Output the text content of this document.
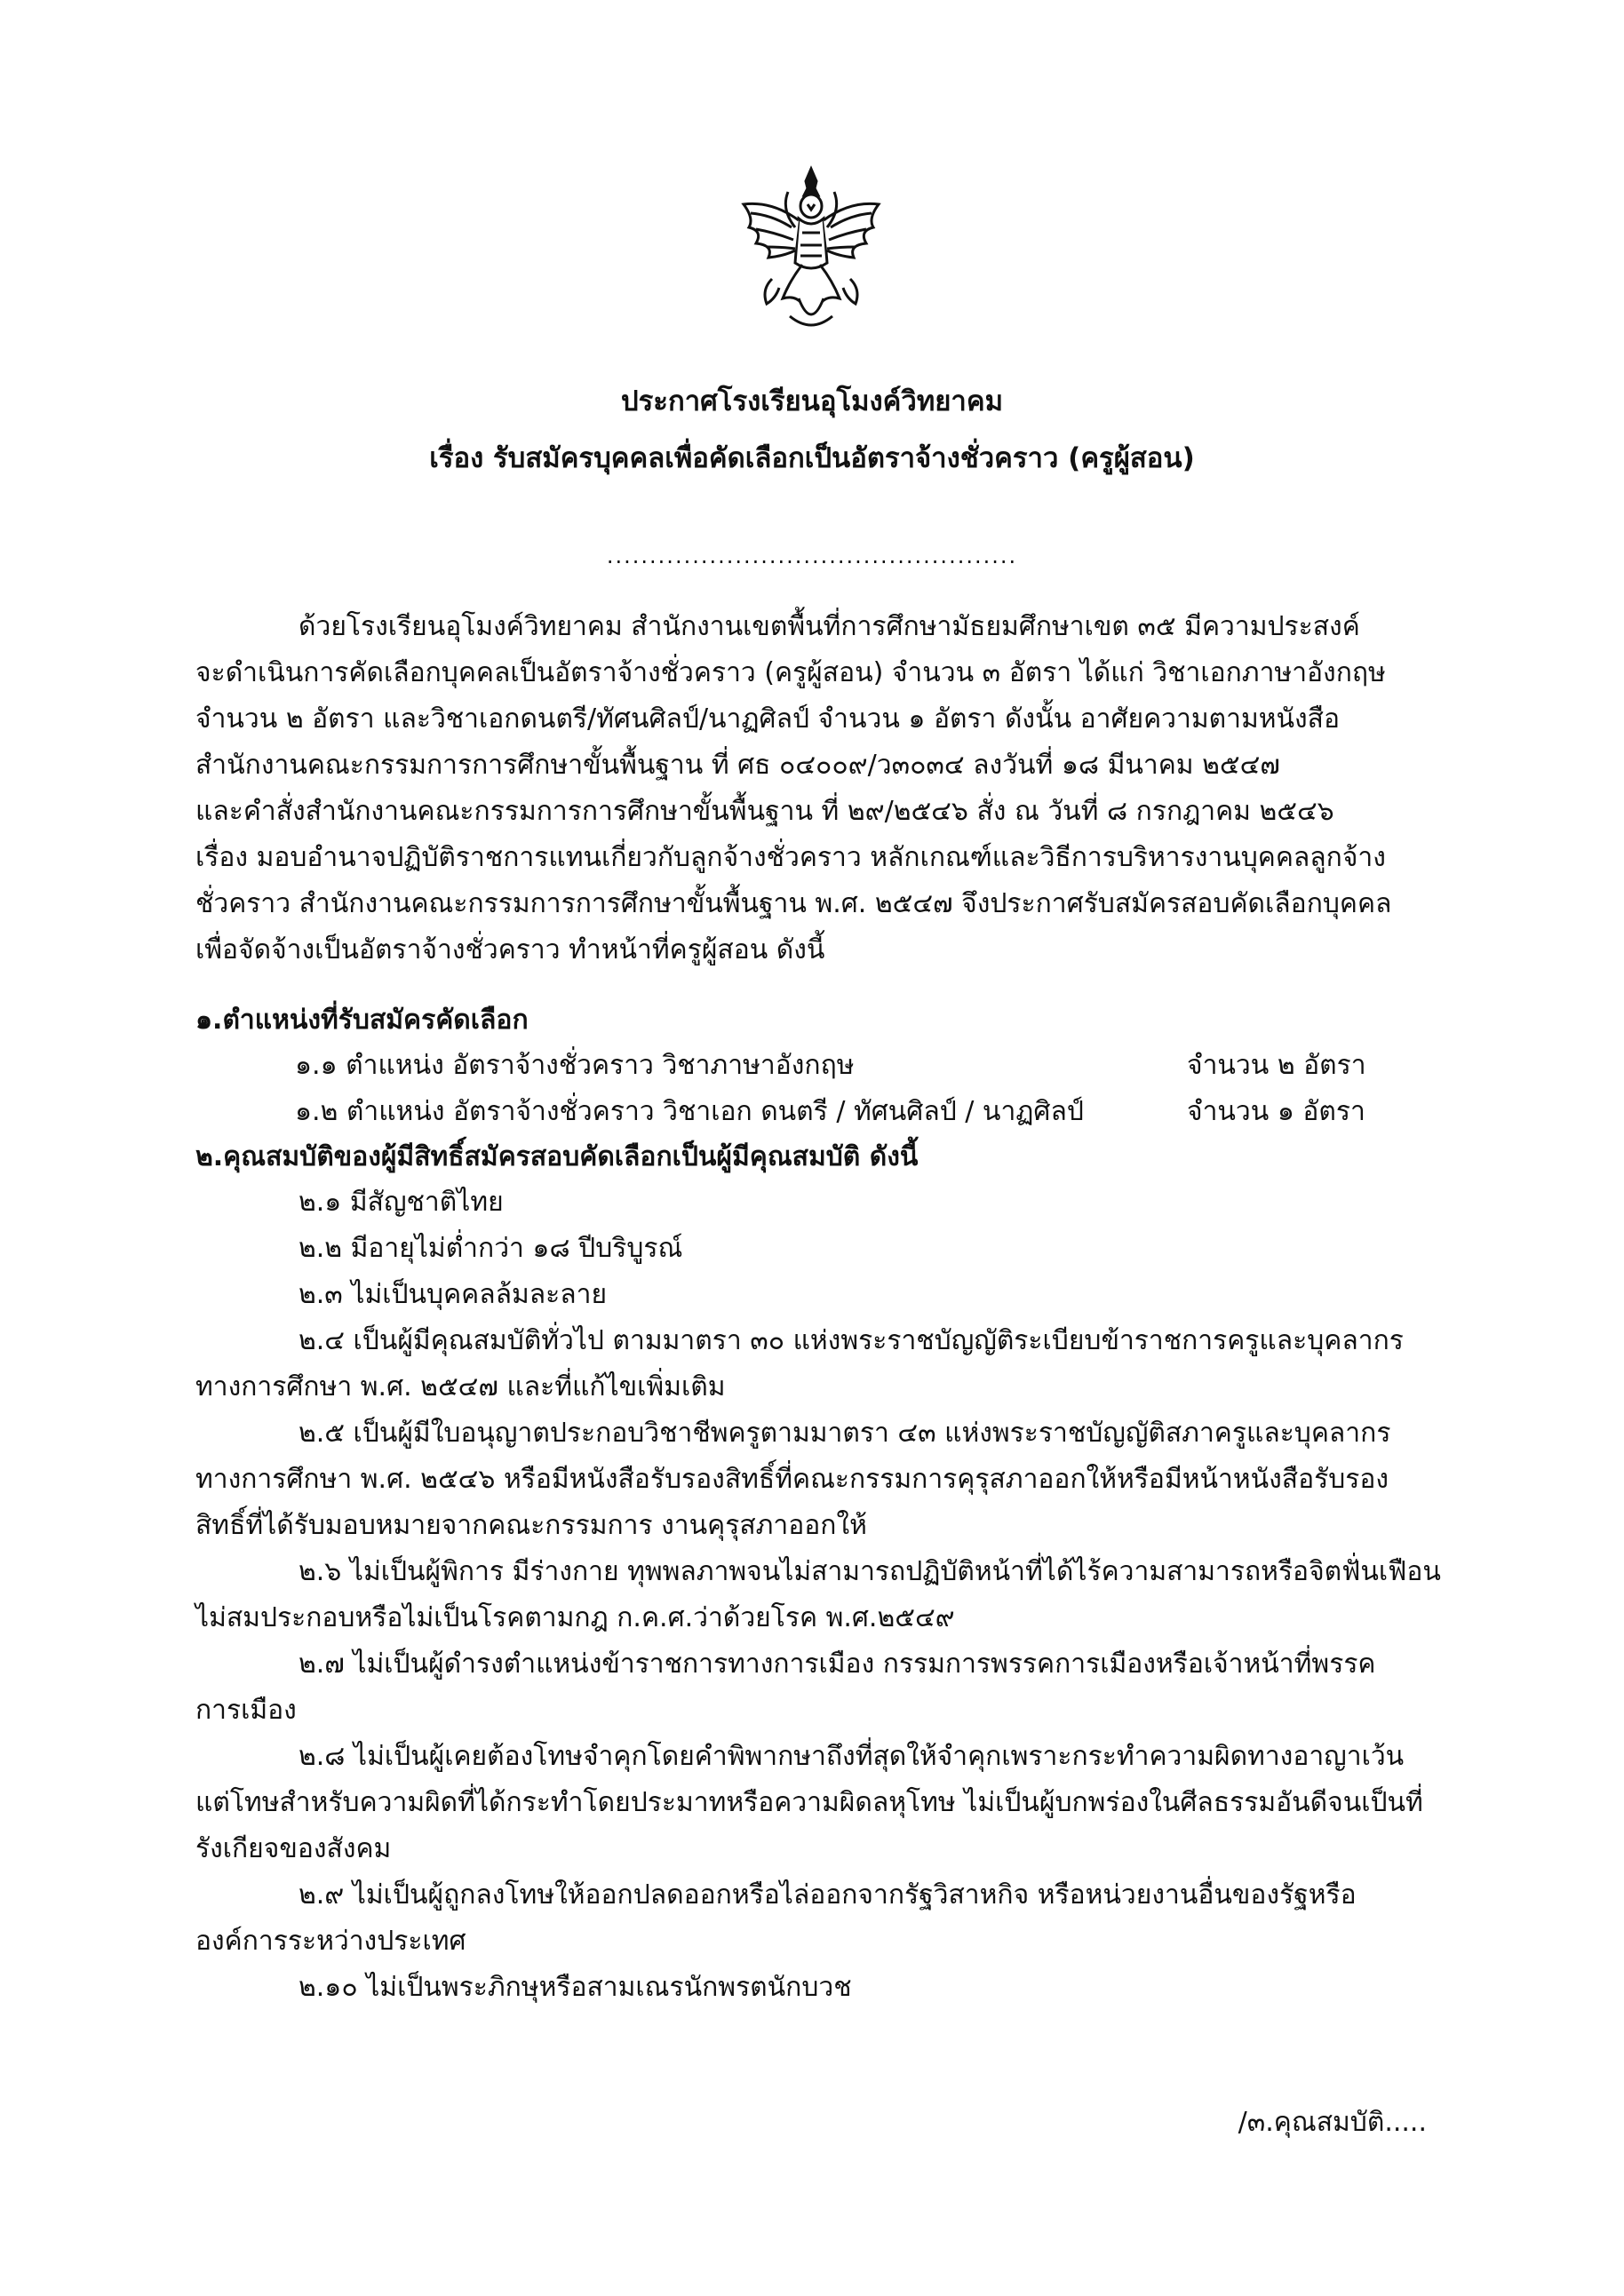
ประกาศโรงเรียนอุโมงค์วิทยาคม
เรื่อง รับสมัครบุคคลเพื่อคัดเลือกเป็นอัตราจ้างชั่วคราว (ครูผู้สอน)
................................................
ด้วยโรงเรียนอุโมงค์วิทยาคม สำนักงานเขตพื้นที่การศึกษามัธยมศึกษาเขต ๓๕ มีความประสงค์
จะดำเนินการคัดเลือกบุคคลเป็นอัตราจ้างชั่วคราว (ครูผู้สอน) จำนวน ๓ อัตรา ได้แก่ วิชาเอกภาษาอังกฤษ
จำนวน ๒ อัตรา และวิชาเอกดนตรี/ทัศนศิลป์/นาฏศิลป์ จำนวน ๑ อัตรา ดังนั้น อาศัยความตามหนังสือ
สำนักงานคณะกรรมการการศึกษาขั้นพื้นฐาน ที่ ศธ ๐๔๐๐๙/ว๓๐๓๔ ลงวันที่ ๑๘ มีนาคม ๒๕๔๗
และคำสั่งสำนักงานคณะกรรมการการศึกษาขั้นพื้นฐาน ที่ ๒๙/๒๕๔๖ สั่ง ณ วันที่ ๘ กรกฎาคม ๒๕๔๖
เรื่อง มอบอำนาจปฏิบัติราชการแทนเกี่ยวกับลูกจ้างชั่วคราว หลักเกณฑ์และวิธีการบริหารงานบุคคลลูกจ้าง
ชั่วคราว สำนักงานคณะกรรมการการศึกษาขั้นพื้นฐาน พ.ศ. ๒๕๔๗ จึงประกาศรับสมัครสอบคัดเลือกบุคคล
เพื่อจัดจ้างเป็นอัตราจ้างชั่วคราว ทำหน้าที่ครูผู้สอน ดังนี้
๑.ตำแหน่งที่รับสมัครคัดเลือก
๑.๑ ตำแหน่ง อัตราจ้างชั่วคราว วิชาภาษาอังกฤษ	จำนวน ๒ อัตรา
๑.๒ ตำแหน่ง อัตราจ้างชั่วคราว วิชาเอก ดนตรี / ทัศนศิลป์ / นาฏศิลป์	จำนวน ๑ อัตรา
๒.คุณสมบัติของผู้มีสิทธิ์สมัครสอบคัดเลือกเป็นผู้มีคุณสมบัติ ดังนี้
๒.๑ มีสัญชาติไทย
๒.๒ มีอายุไม่ต่ำกว่า ๑๘ ปีบริบูรณ์
๒.๓ ไม่เป็นบุคคลล้มละลาย
๒.๔ เป็นผู้มีคุณสมบัติทั่วไป ตามมาตรา ๓๐ แห่งพระราชบัญญัติระเบียบข้าราชการครูและบุคลากร
ทางการศึกษา พ.ศ. ๒๕๔๗ และที่แก้ไขเพิ่มเติม
๒.๕ เป็นผู้มีใบอนุญาตประกอบวิชาชีพครูตามมาตรา ๔๓ แห่งพระราชบัญญัติสภาครูและบุคลากร
ทางการศึกษา พ.ศ. ๒๕๔๖ หรือมีหนังสือรับรองสิทธิ์ที่คณะกรรมการคุรุสภาออกให้หรือมีหน้าหนังสือรับรอง
สิทธิ์ที่ได้รับมอบหมายจากคณะกรรมการ งานคุรุสภาออกให้
๒.๖ ไม่เป็นผู้พิการ มีร่างกาย ทุพพลภาพจนไม่สามารถปฏิบัติหน้าที่ได้ไร้ความสามารถหรือจิตฟั่นเฟือน
ไม่สมประกอบหรือไม่เป็นโรคตามกฎ ก.ค.ศ.ว่าด้วยโรค พ.ศ.๒๕๔๙
๒.๗ ไม่เป็นผู้ดำรงตำแหน่งข้าราชการทางการเมือง กรรมการพรรคการเมืองหรือเจ้าหน้าที่พรรค
การเมือง
๒.๘ ไม่เป็นผู้เคยต้องโทษจำคุกโดยคำพิพากษาถึงที่สุดให้จำคุกเพราะกระทำความผิดทางอาญาเว้น
แต่โทษสำหรับความผิดที่ได้กระทำโดยประมาทหรือความผิดลหุโทษ ไม่เป็นผู้บกพร่องในศีลธรรมอันดีจนเป็นที่
รังเกียจของสังคม
๒.๙ ไม่เป็นผู้ถูกลงโทษให้ออกปลดออกหรือไล่ออกจากรัฐวิสาหกิจ หรือหน่วยงานอื่นของรัฐหรือ
องค์การระหว่างประเทศ
๒.๑๐ ไม่เป็นพระภิกษุหรือสามเณรนักพรตนักบวช
/๓.คุณสมบัติ.....
